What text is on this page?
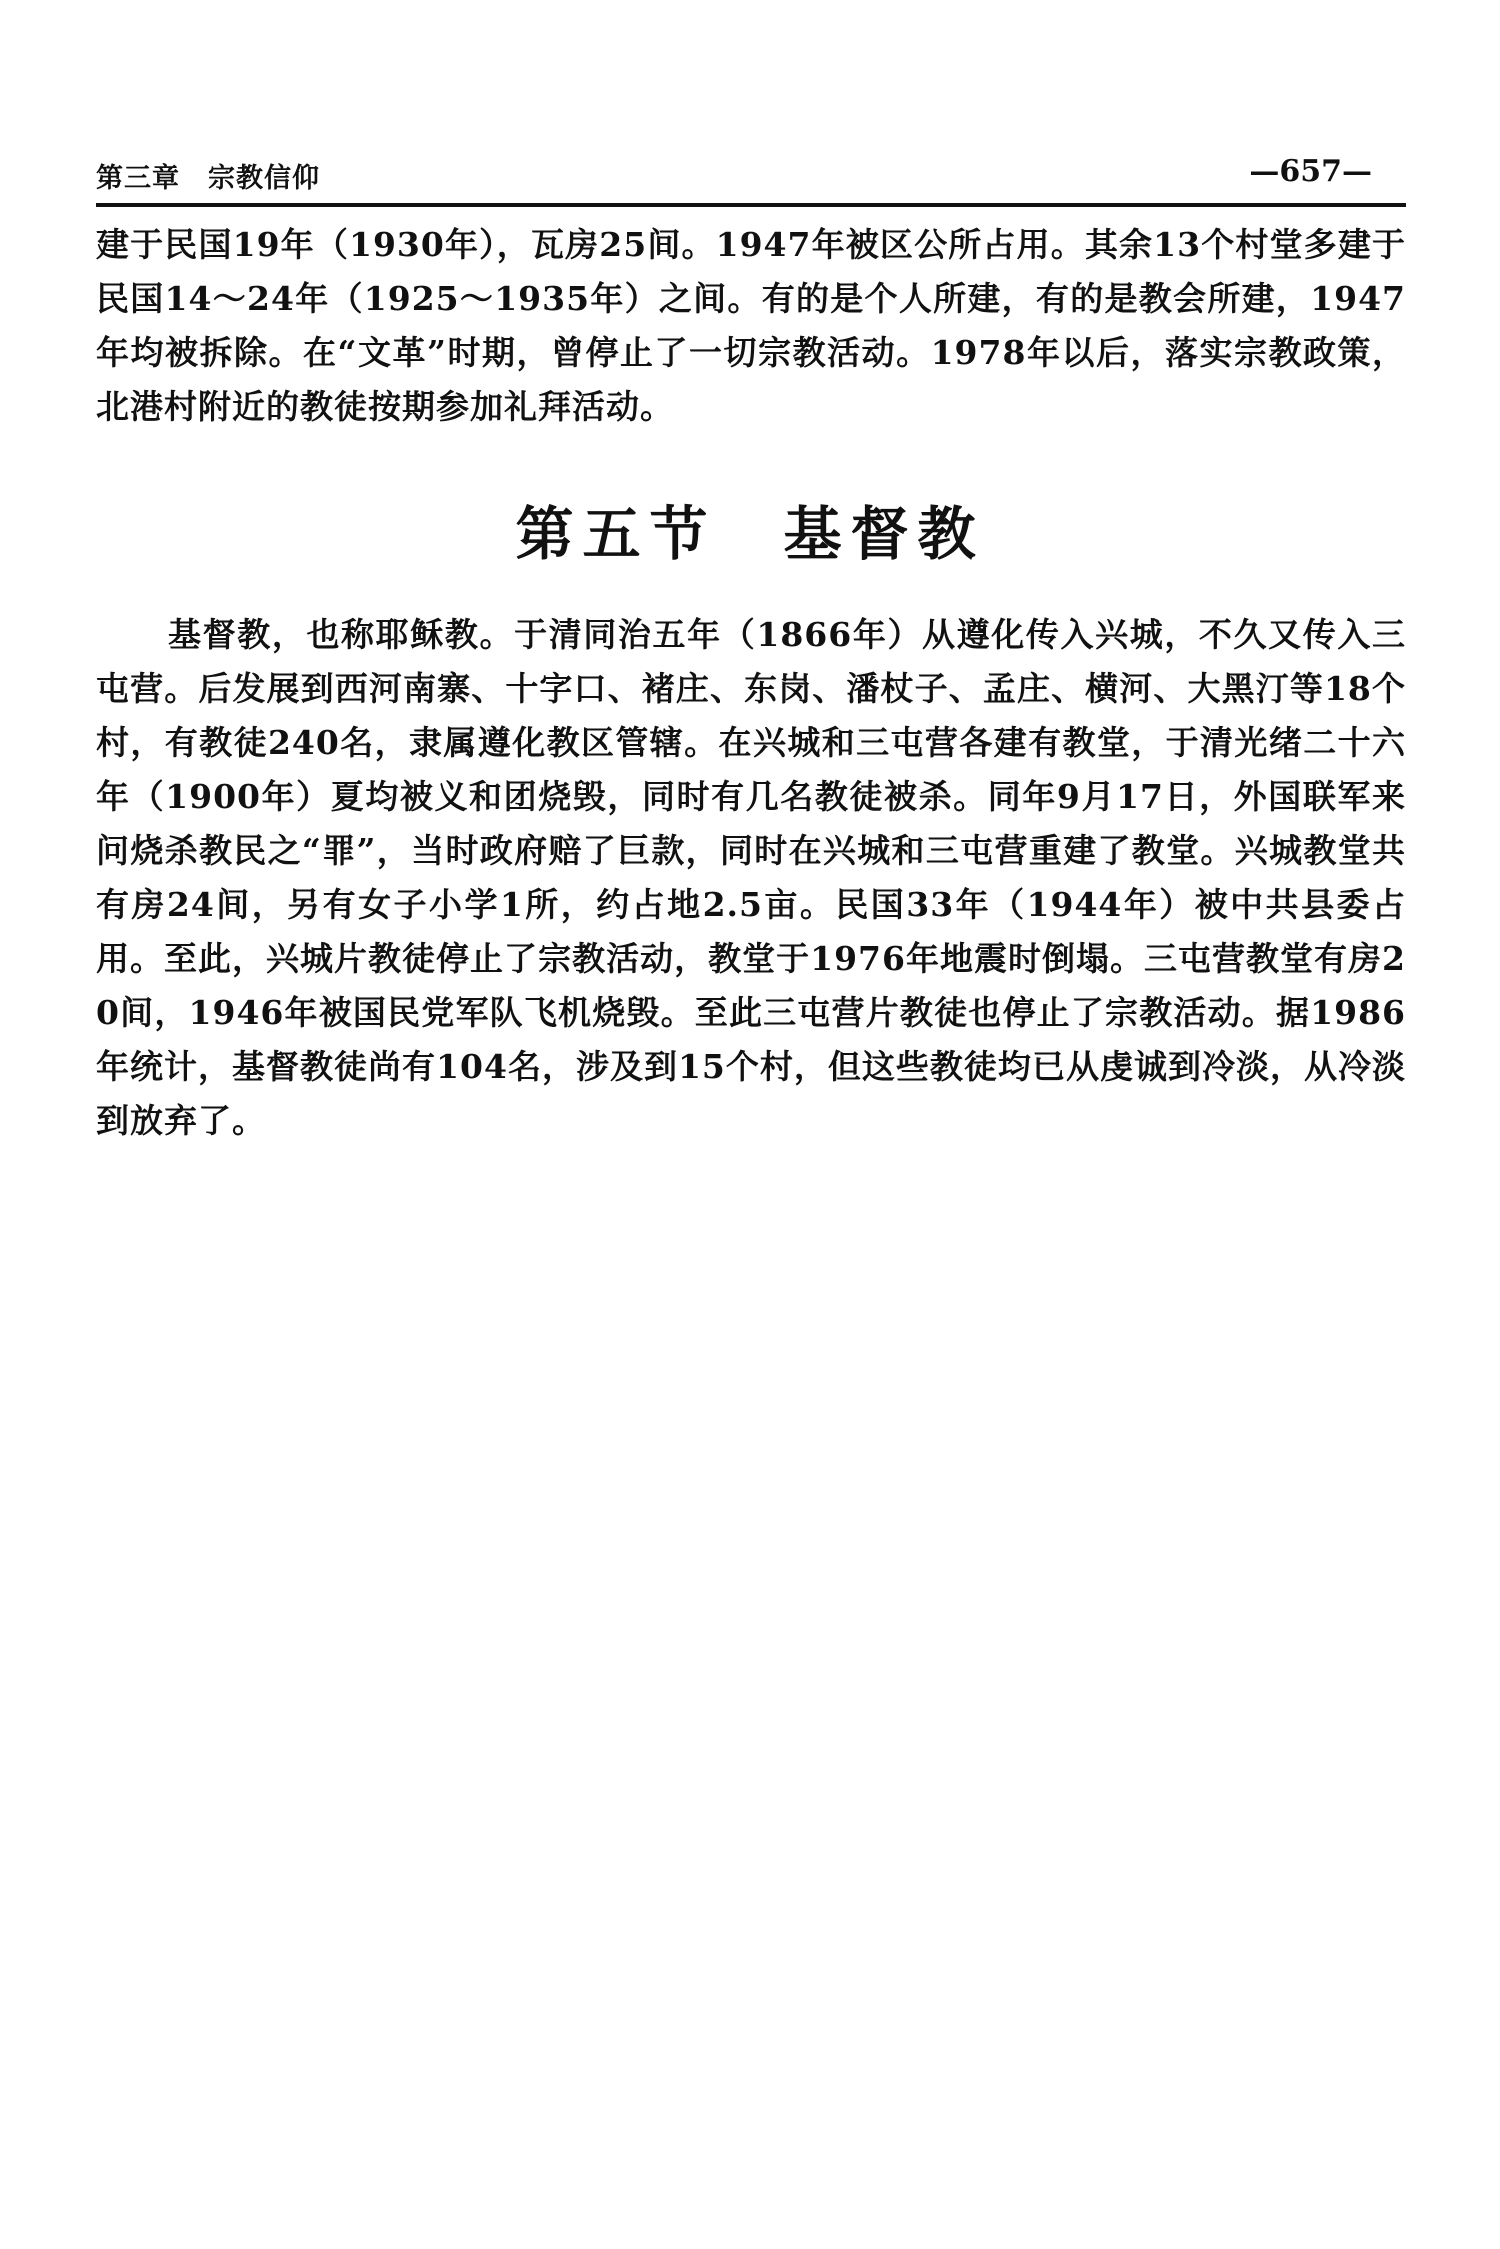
第三章　宗教信仰	—657—
建于民国19年（1930年），瓦房25间。1947年被区公所占用。其余13个村堂多建于民国14～24年（1925～1935年）之间。有的是个人所建，有的是教会所建，1947年均被拆除。在“文革”时期，曾停止了一切宗教活动。1978年以后，落实宗教政策，北港村附近的教徒按期参加礼拜活动。
第五节　基督教
基督教，也称耶稣教。于清同治五年（1866年）从遵化传入兴城，不久又传入三屯营。后发展到西河南寨、十字口、褚庄、东岗、潘杖子、孟庄、横河、大黑汀等18个村，有教徒240名，隶属遵化教区管辖。在兴城和三屯营各建有教堂，于清光绪二十六年（1900年）夏均被义和团烧毁，同时有几名教徒被杀。同年9月17日，外国联军来问烧杀教民之“罪”，当时政府赔了巨款，同时在兴城和三屯营重建了教堂。兴城教堂共有房24间，另有女子小学1所，约占地2.5亩。民国33年（1944年）被中共县委占用。至此，兴城片教徒停止了宗教活动，教堂于1976年地震时倒塌。三屯营教堂有房20间，1946年被国民党军队飞机烧毁。至此三屯营片教徒也停止了宗教活动。据1986年统计，基督教徒尚有104名，涉及到15个村，但这些教徒均已从虔诚到冷淡，从冷淡到放弃了。
